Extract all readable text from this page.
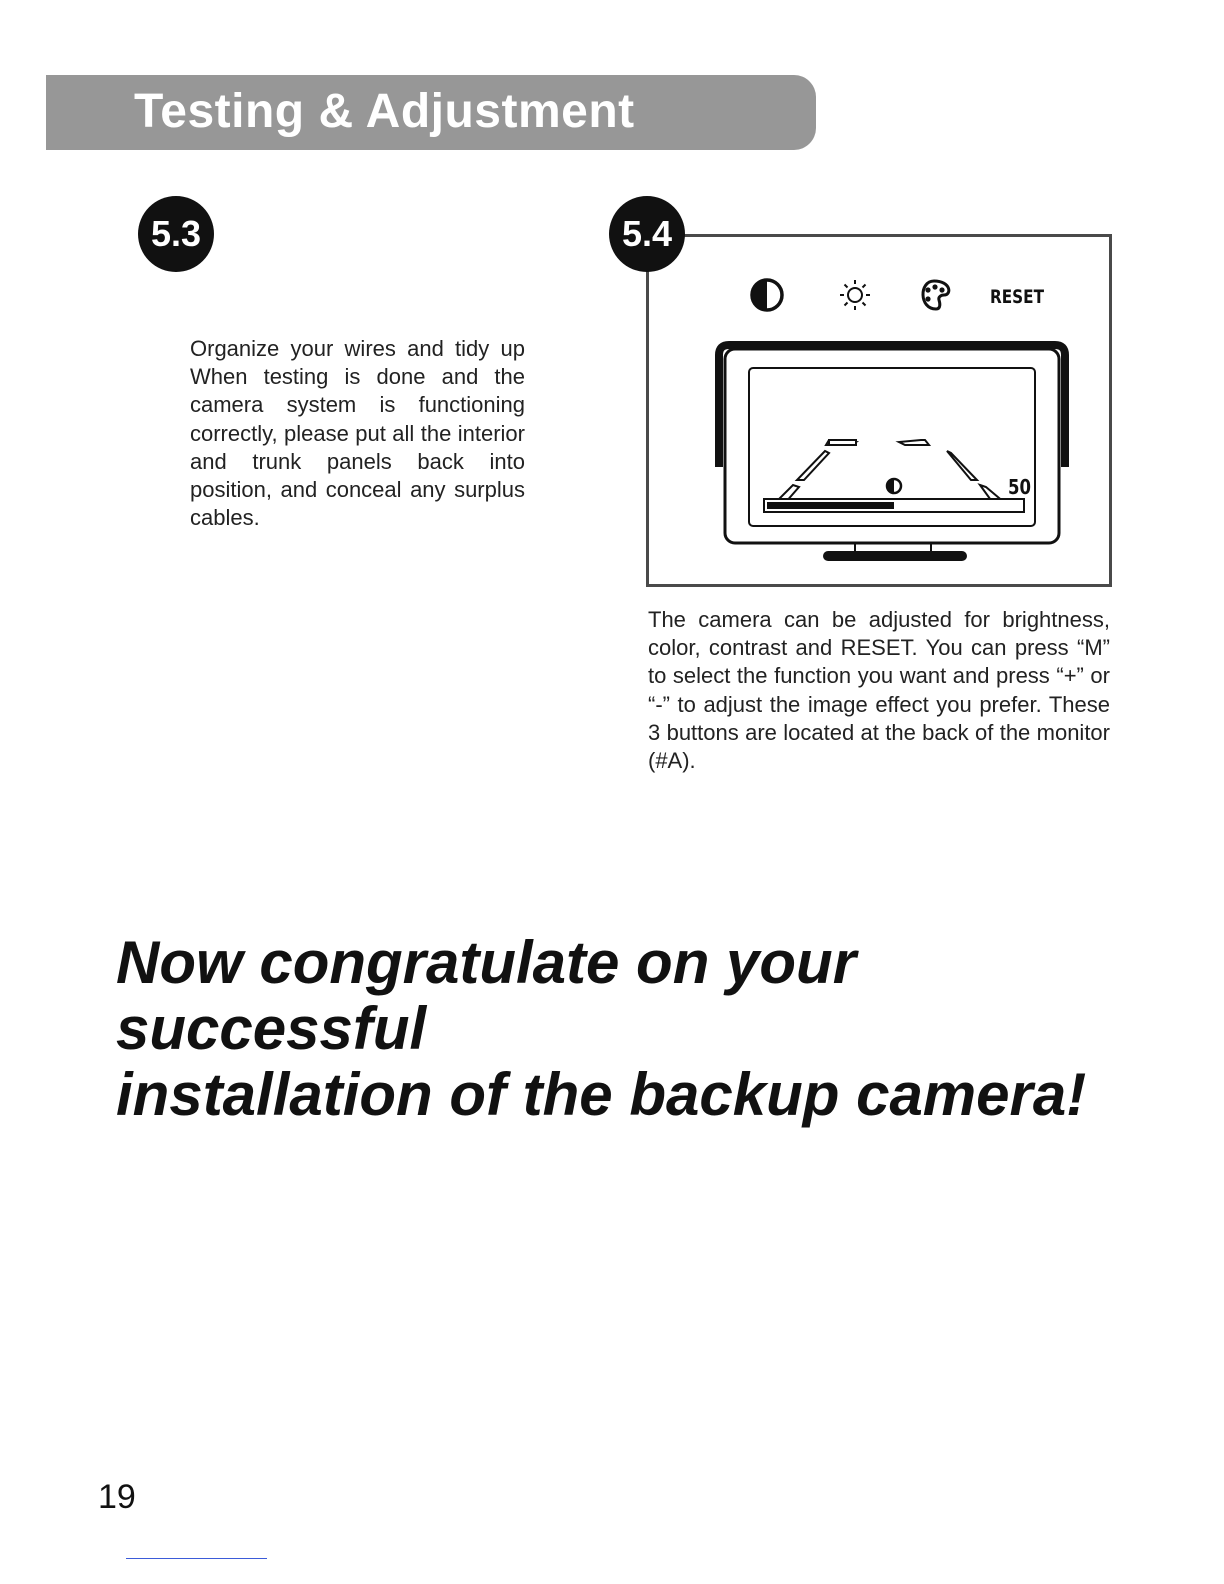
Testing & Adjustment
5.3

Organize your wires and tidy up When testing is done and the camera system is functioning correctly, please put all the interior and trunk panels back into position, and conceal any surplus cables.

RESET
50
5.4

The camera can be adjusted for brightness, color, contrast and RESET. You can press “M” to select the function you want and press “+” or “-” to adjust the image effect you prefer. These 3 buttons are located at the back of the monitor (#A).

Now congratulate on your successful
installation of the backup camera!
19
